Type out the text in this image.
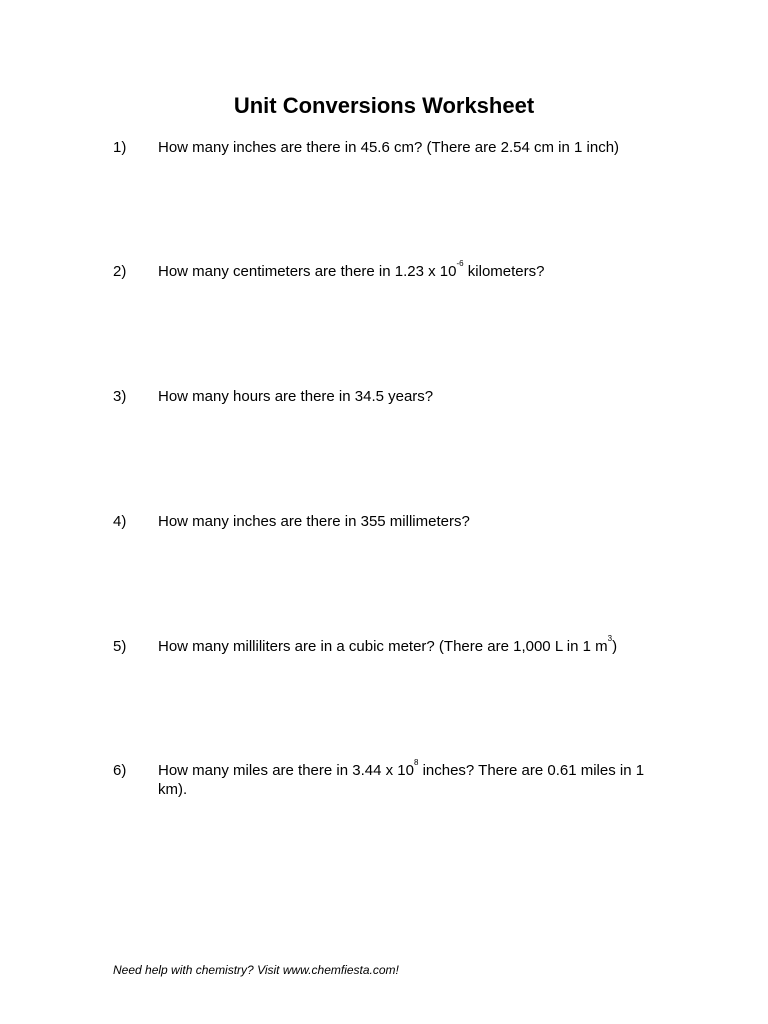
Unit Conversions Worksheet
1)	How many inches are there in 45.6 cm? (There are 2.54 cm in 1 inch)
2)	How many centimeters are there in 1.23 x $10^{-6}$ kilometers?
3)	How many hours are there in 34.5 years?
4)	How many inches are there in 355 millimeters?
5)	How many milliliters are in a cubic meter? (There are 1,000 L in 1 $m^3$)
6)	How many miles are there in 3.44 x $10^8$ inches? There are 0.61 miles in 1 km).
Need help with chemistry? Visit www.chemfiesta.com!
